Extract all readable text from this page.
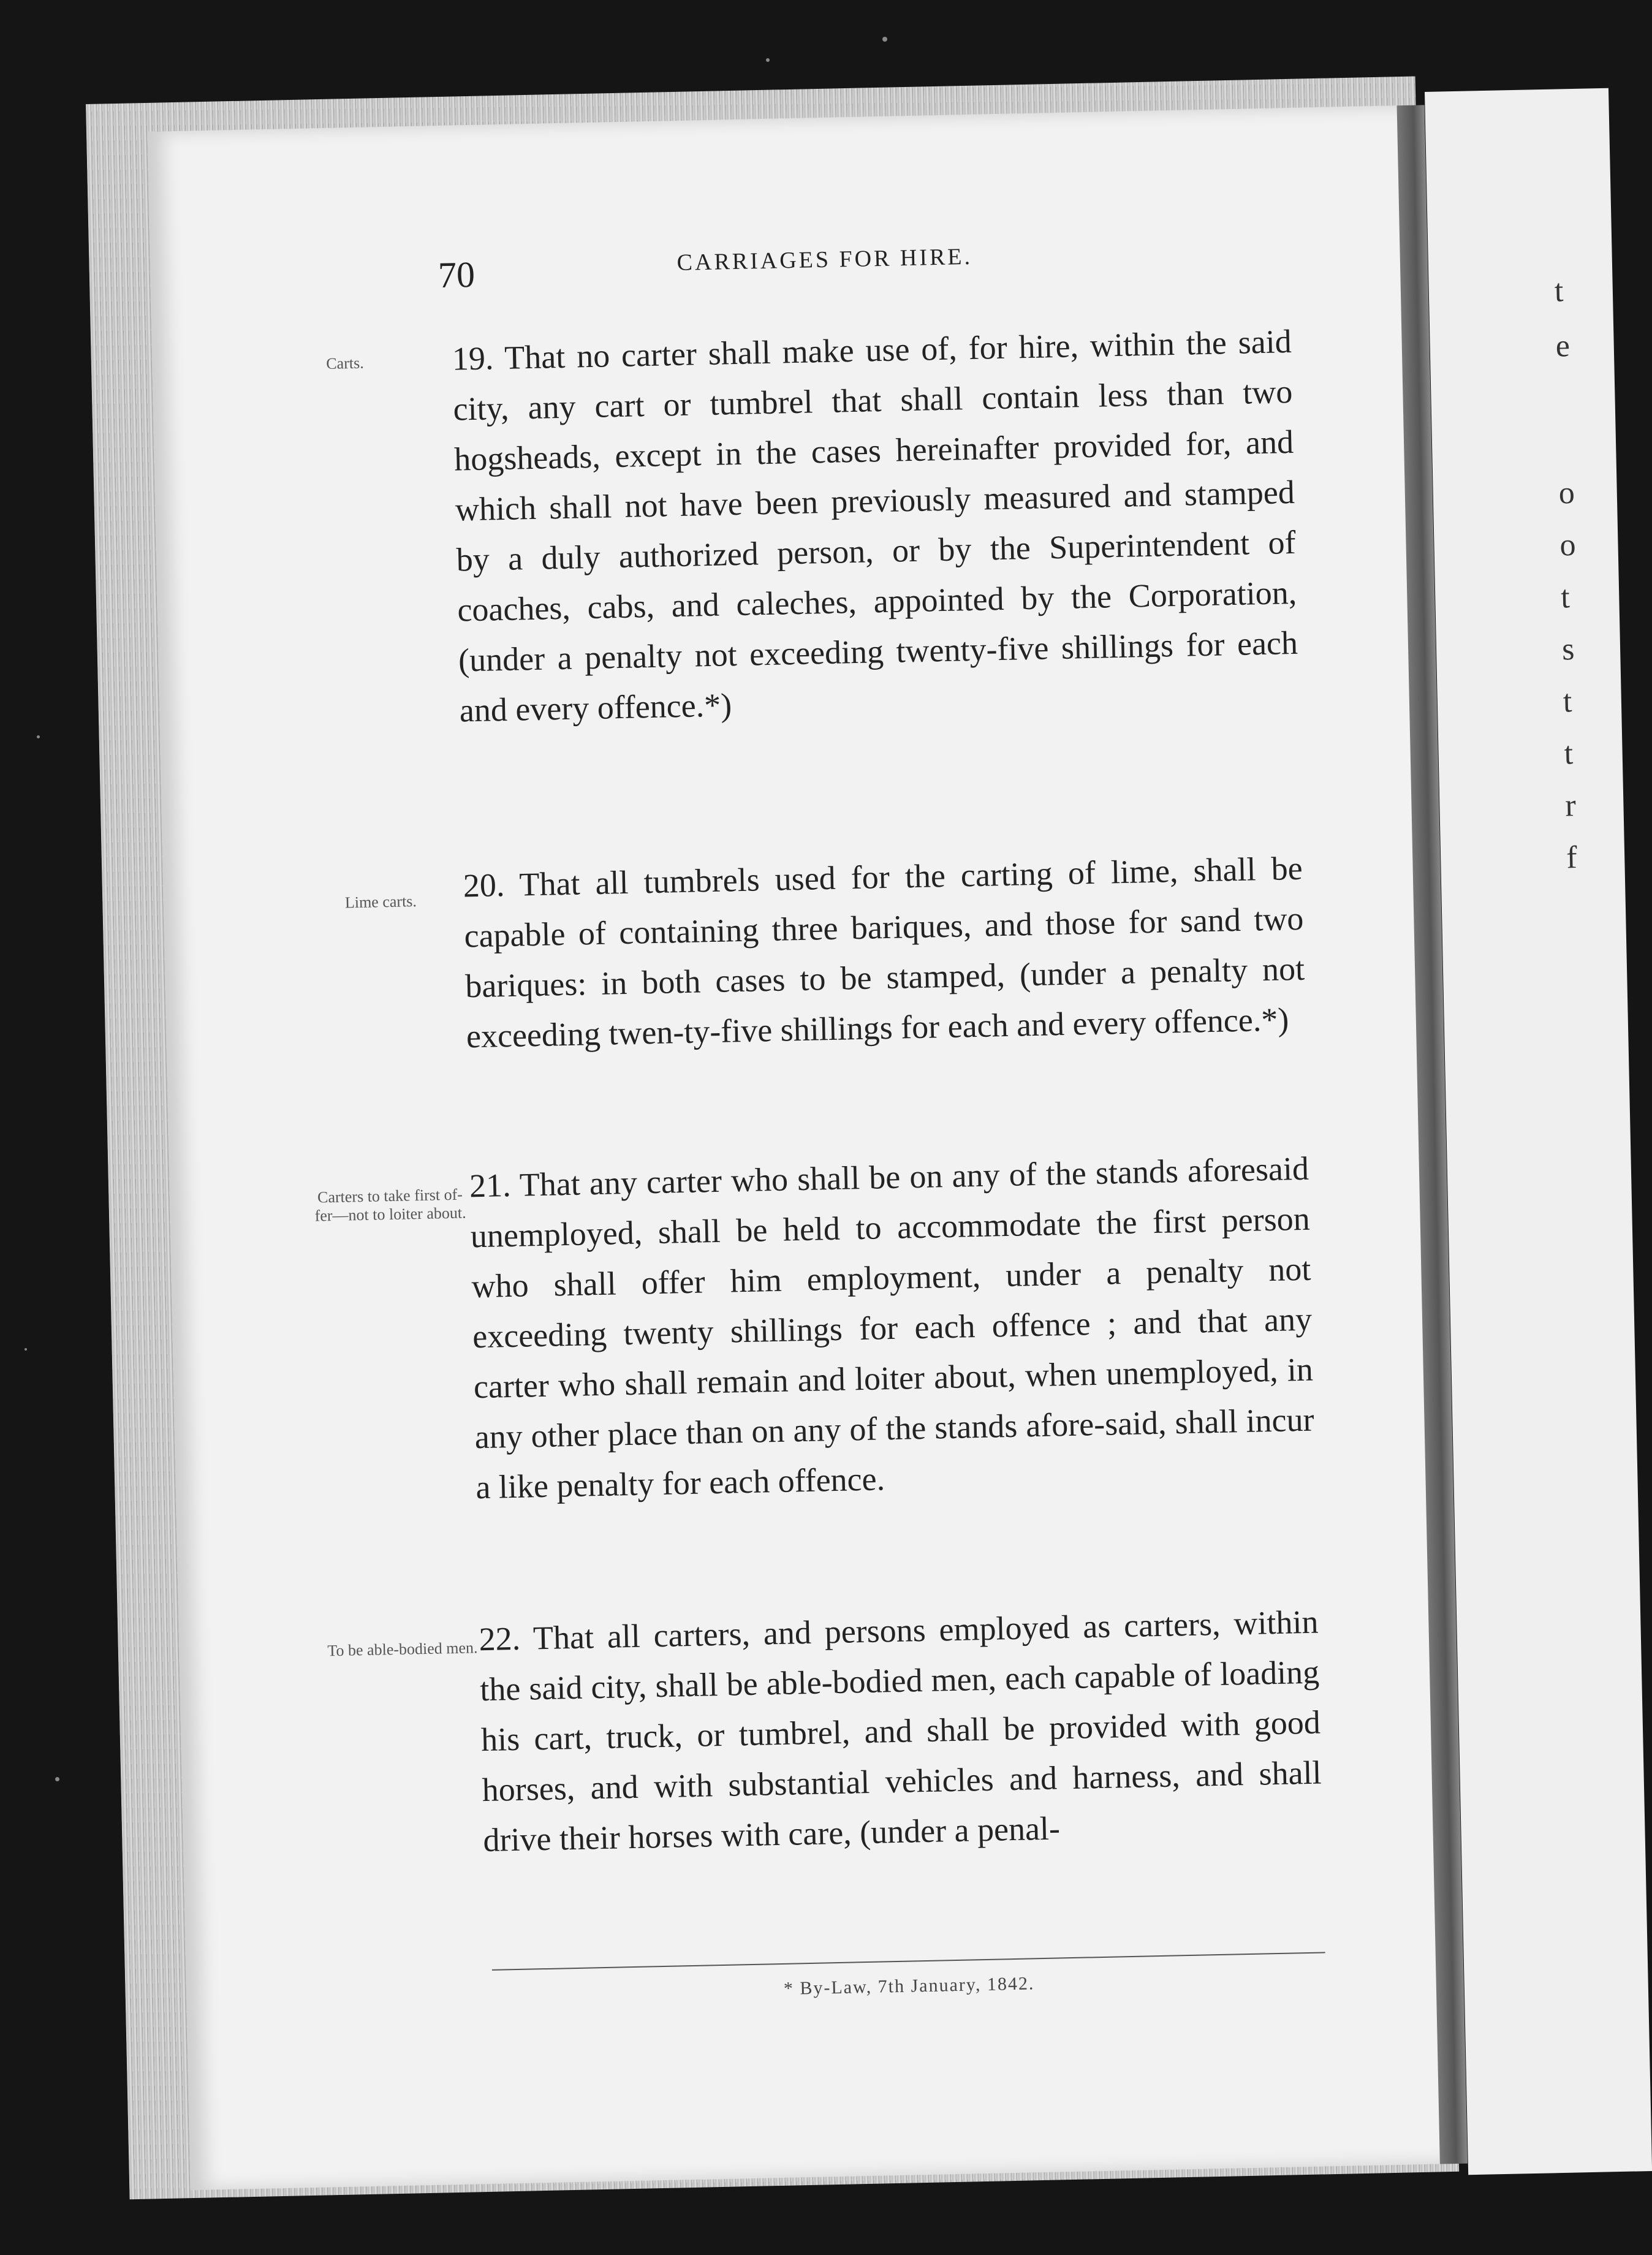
t
e
o
o
t
s
t
t
r
f
70	CARRIAGES FOR HIRE.
Carts.	19. That no carter shall make use of, for hire, within the said city, any cart or tumbrel that shall contain less than two hogsheads, except in the cases hereinafter provided for, and which shall not have been previously measured and stamped by a duly authorized person, or by the Superintendent of coaches, cabs, and caleches, appointed by the Corporation, (under a penalty not exceeding twenty-five shillings for each and every offence.*)
Lime carts.	20. That all tumbrels used for the carting of lime, shall be capable of containing three bariques, and those for sand two bariques: in both cases to be stamped, (under a penalty not exceeding twen-ty-five shillings for each and every offence.*)
Carters to take first of-fer—not to loiter about.
21. That any carter who shall be on any of the stands aforesaid unemployed, shall be held to accommodate the first person who shall offer him employment, under a penalty not exceeding twenty shillings for each offence ; and that any carter who shall remain and loiter about, when unemployed, in any other place than on any of the stands afore-said, shall incur a like penalty for each offence.
To be able-bodied men. 22. That all carters, and persons employed as carters, within the said city, shall be able-bodied men, each capable of loading his cart, truck, or tumbrel, and shall be provided with good horses, and with substantial vehicles and harness, and shall drive their horses with care, (under a penal-
* By-Law, 7th January, 1842.
